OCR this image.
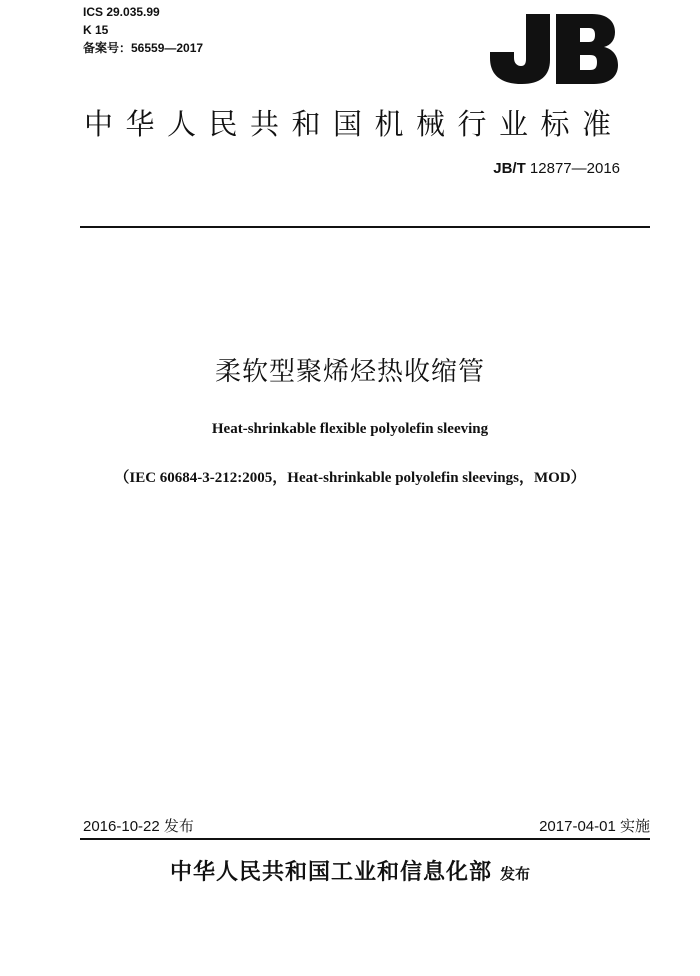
ICS 29.035.99
K 15
备案号：56559—2017
中华人民共和国机械行业标准
JB/T 12877—2016
柔软型聚烯烃热收缩管
Heat-shrinkable flexible polyolefin sleeving
（IEC 60684-3-212:2005，Heat-shrinkable polyolefin sleevings，MOD）
2016-10-22 发布	2017-04-01 实施
中华人民共和国工业和信息化部 发布
